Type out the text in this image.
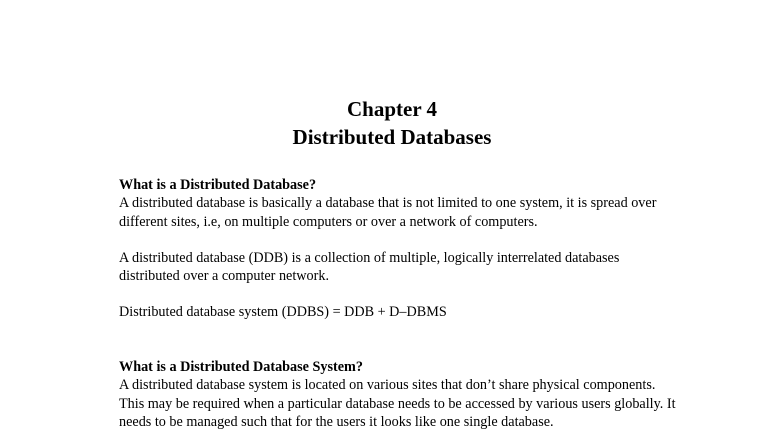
Chapter 4
Distributed Databases
What is a Distributed Database?
A distributed database is basically a database that is not limited to one system, it is spread over different sites, i.e, on multiple computers or over a network of computers.
A distributed database (DDB) is a collection of multiple, logically interrelated databases distributed over a computer network.
Distributed database system (DDBS) = DDB + D–DBMS
What is a Distributed Database System?
A distributed database system is located on various sites that don’t share physical components. This may be required when a particular database needs to be accessed by various users globally. It needs to be managed such that for the users it looks like one single database.
